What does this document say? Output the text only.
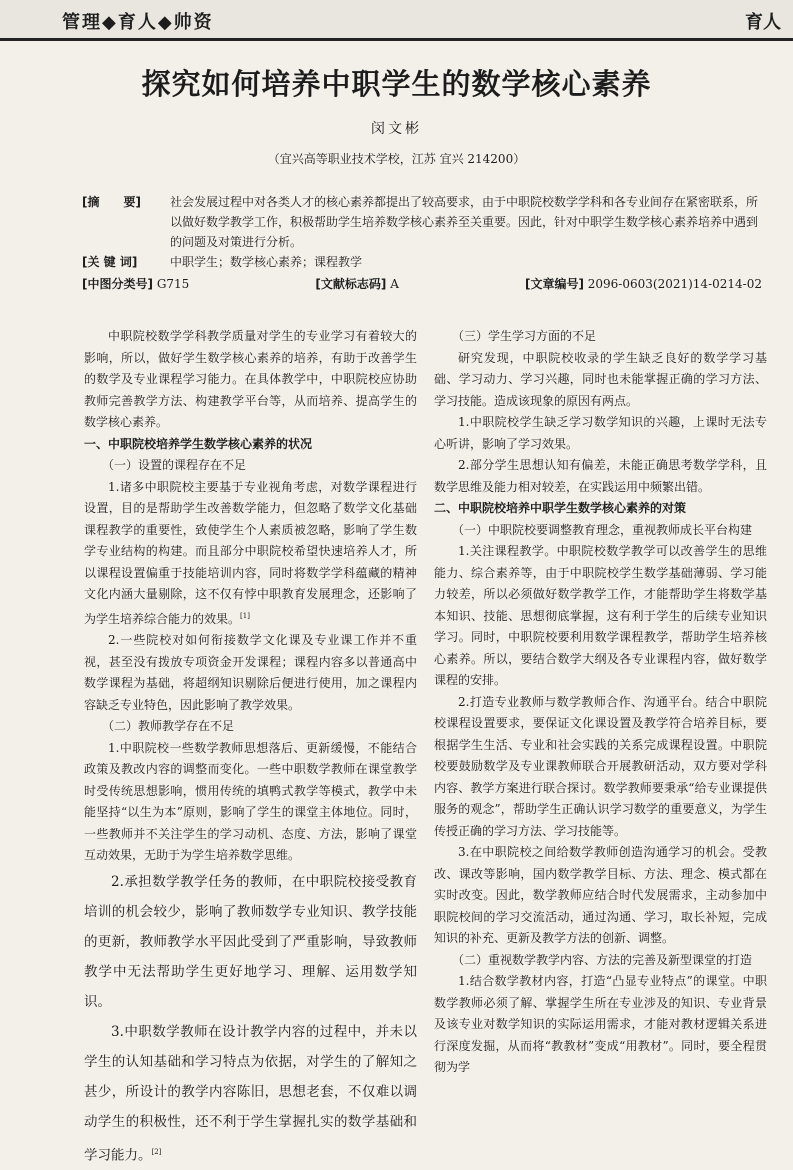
管理◆育人◆帅资	育人
探究如何培养中职学生的数学核心素养
闵文彬
（宜兴高等职业技术学校，江苏 宜兴 214200）
[摘　　要]	社会发展过程中对各类人才的核心素养都提出了较高要求，由于中职院校数学学科和各专业间存在紧密联系，所以做好数学教学工作，积极帮助学生培养数学核心素养至关重要。因此，针对中职学生数学核心素养培养中遇到的问题及对策进行分析。
[关 键 词]	中职学生；数学核心素养；课程教学
[中图分类号] G715	[文献标志码] A	[文章编号] 2096-0603(2021)14-0214-02

中职院校数学学科教学质量对学生的专业学习有着较大的影响，所以，做好学生数学核心素养的培养，有助于改善学生的数学及专业课程学习能力。在具体教学中，中职院校应协助教师完善教学方法、构建教学平台等，从而培养、提高学生的数学核心素养。

一、中职院校培养学生数学核心素养的状况

（一）设置的课程存在不足

1.诸多中职院校主要基于专业视角考虑，对数学课程进行设置，目的是帮助学生改善数学能力，但忽略了数学文化基础课程教学的重要性，致使学生个人素质被忽略，影响了学生数学专业结构的构建。而且部分中职院校希望快速培养人才，所以课程设置偏重于技能培训内容，同时将数学学科蕴藏的精神文化内涵大量剔除，这不仅有悖中职教育发展理念，还影响了为学生培养综合能力的效果。[1]

2.一些院校对如何衔接数学文化课及专业课工作并不重视，甚至没有拨放专项资金开发课程；课程内容多以普通高中数学课程为基础，将超纲知识剔除后便进行使用，加之课程内容缺乏专业特色，因此影响了教学效果。

（二）教师教学存在不足

1.中职院校一些数学教师思想落后、更新缓慢，不能结合政策及教改内容的调整而变化。一些中职数学教师在课堂教学时受传统思想影响，惯用传统的填鸭式教学等模式，教学中未能坚持“以生为本”原则，影响了学生的课堂主体地位。同时，一些教师并不关注学生的学习动机、态度、方法，影响了课堂互动效果，无助于为学生培养数学思维。

2.承担数学教学任务的教师，在中职院校接受教育培训的机会较少，影响了教师数学专业知识、教学技能的更新，教师教学水平因此受到了严重影响，导致教师教学中无法帮助学生更好地学习、理解、运用数学知识。

3.中职数学教师在设计教学内容的过程中，并未以学生的认知基础和学习特点为依据，对学生的了解知之甚少，所设计的教学内容陈旧，思想老套，不仅难以调动学生的积极性，还不利于学生掌握扎实的数学基础和学习能力。[2]

（三）学生学习方面的不足

研究发现，中职院校收录的学生缺乏良好的数学学习基础、学习动力、学习兴趣，同时也未能掌握正确的学习方法、学习技能。造成该现象的原因有两点。

1.中职院校学生缺乏学习数学知识的兴趣，上课时无法专心听讲，影响了学习效果。

2.部分学生思想认知有偏差，未能正确思考数学学科，且数学思维及能力相对较差，在实践运用中频繁出错。

二、中职院校培养中职学生数学核心素养的对策

（一）中职院校要调整教育理念，重视教师成长平台构建

1.关注课程教学。中职院校数学教学可以改善学生的思维能力、综合素养等，由于中职院校学生数学基础薄弱、学习能力较差，所以必须做好数学教学工作，才能帮助学生将数学基本知识、技能、思想彻底掌握，这有利于学生的后续专业知识学习。同时，中职院校要利用数学课程教学，帮助学生培养核心素养。所以，要结合数学大纲及各专业课程内容，做好数学课程的安排。

2.打造专业教师与数学教师合作、沟通平台。结合中职院校课程设置要求，要保证文化课设置及教学符合培养目标，要根据学生生活、专业和社会实践的关系完成课程设置。中职院校要鼓励数学及专业课教师联合开展教研活动，双方要对学科内容、教学方案进行联合探讨。数学教师要秉承“给专业课提供服务的观念”，帮助学生正确认识学习数学的重要意义，为学生传授正确的学习方法、学习技能等。

3.在中职院校之间给数学教师创造沟通学习的机会。受教改、课改等影响，国内数学教学目标、方法、理念、模式都在实时改变。因此，数学教师应结合时代发展需求，主动参加中职院校间的学习交流活动，通过沟通、学习，取长补短，完成知识的补充、更新及教学方法的创新、调整。

（二）重视数学教学内容、方法的完善及新型课堂的打造

1.结合数学教材内容，打造“凸显专业特点”的课堂。中职数学教师必须了解、掌握学生所在专业涉及的知识、专业背景及该专业对数学知识的实际运用需求，才能对教材逻辑关系进行深度发掘，从而将“教教材”变成“用教材”。同时，要全程贯彻为学
